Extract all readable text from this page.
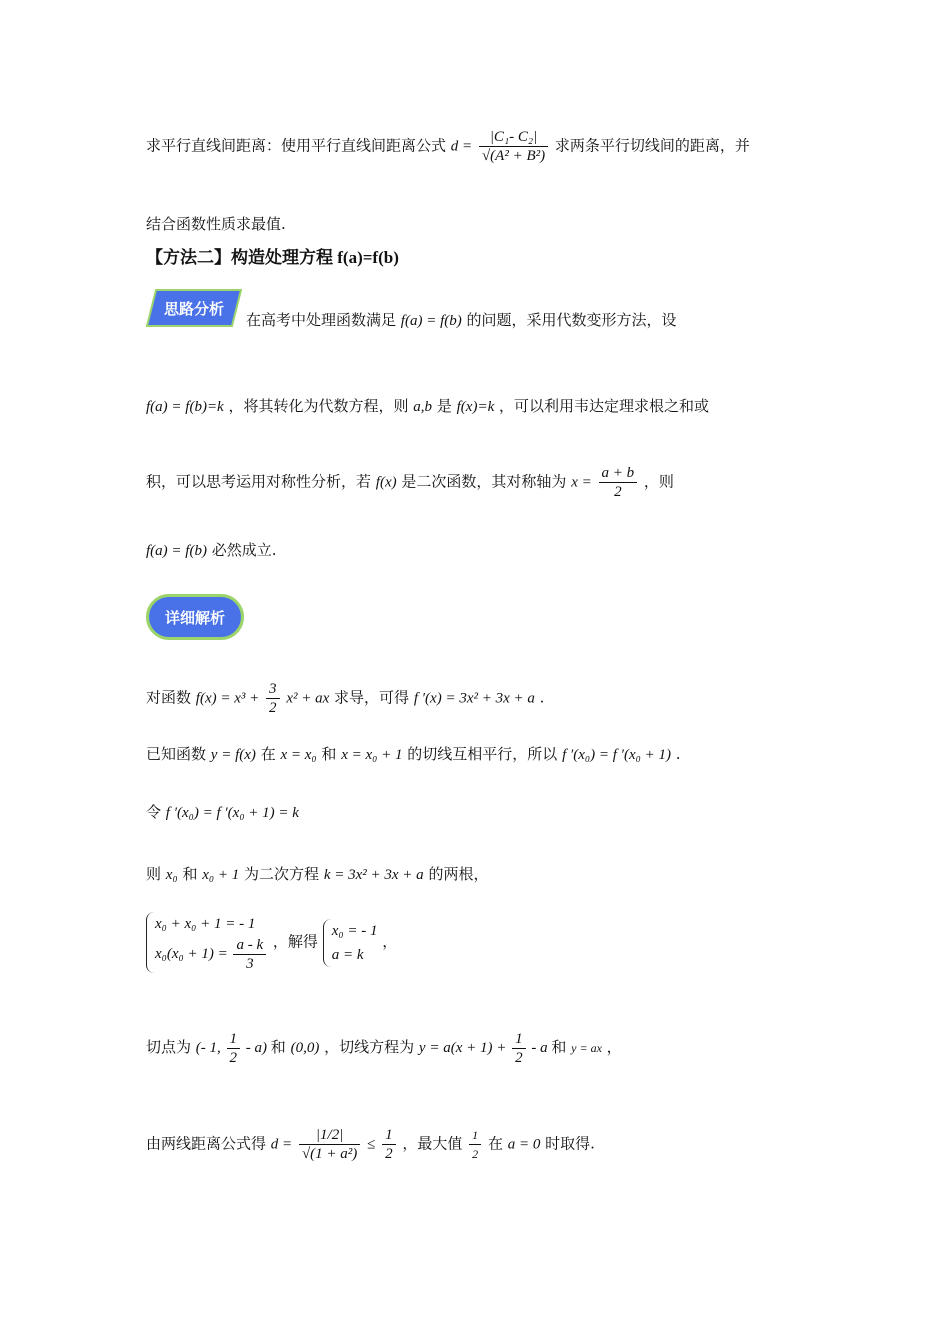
求平行直线间距离：使用平行直线间距离公式 $d = \frac{\text{|C₁- C₂|}}{\text{√(A² + B²)}}$ 求两条平行切线间的距离，并
结合函数性质求最值.
【方法二】构造处理方程 f(a)=f(b)
思路分析
在高考中处理函数满足 f(a) = f(b) 的问题，采用代数变形方法，设
f(a) = f(b)=k ，将其转化为代数方程，则 a,b 是 f(x)=k ，可以利用韦达定理求根之和或
积，可以思考运用对称性分析，若 f(x) 是二次函数，其对称轴为 $x = \frac{a + b}{2}$ ，则
f(a) = f(b) 必然成立.
详细解析
对函数 $f(x) = x^3 + \frac{3}{2} x^2$ + ax 求导，可得 f ′(x) = 3x² + 3x + a .
已知函数 y = f(x) 在 x = x₀ 和 x = x₀ + 1 的切线互相平行，所以 f ′(x₀) = f ′(x₀ + 1) .
令 f ′(x₀) = f ′(x₀ + 1) = k
则 x₀ 和 x₀ + 1 为二次方程 k = 3x² + 3x + a 的两根，
x₀ + x₀ + 1 = - 1
$x_0(x_0 + 1) = \frac{a - k}{3}$ ，解得
x₀ = - 1
a = k
，
切点为 (- 1, $\frac{1}{2} - a$) 和 (0,0) ，切线方程为 $y = a(x + 1) + \frac{1}{2} - a$ 和 y = ax ，
由两线距离公式得 $d = \frac{|1/2|}{\text{√(1 + a²)}} \le \frac{1}{2}$ ，最大值 $\frac{1}{2}$ 在 a = 0 时取得.
